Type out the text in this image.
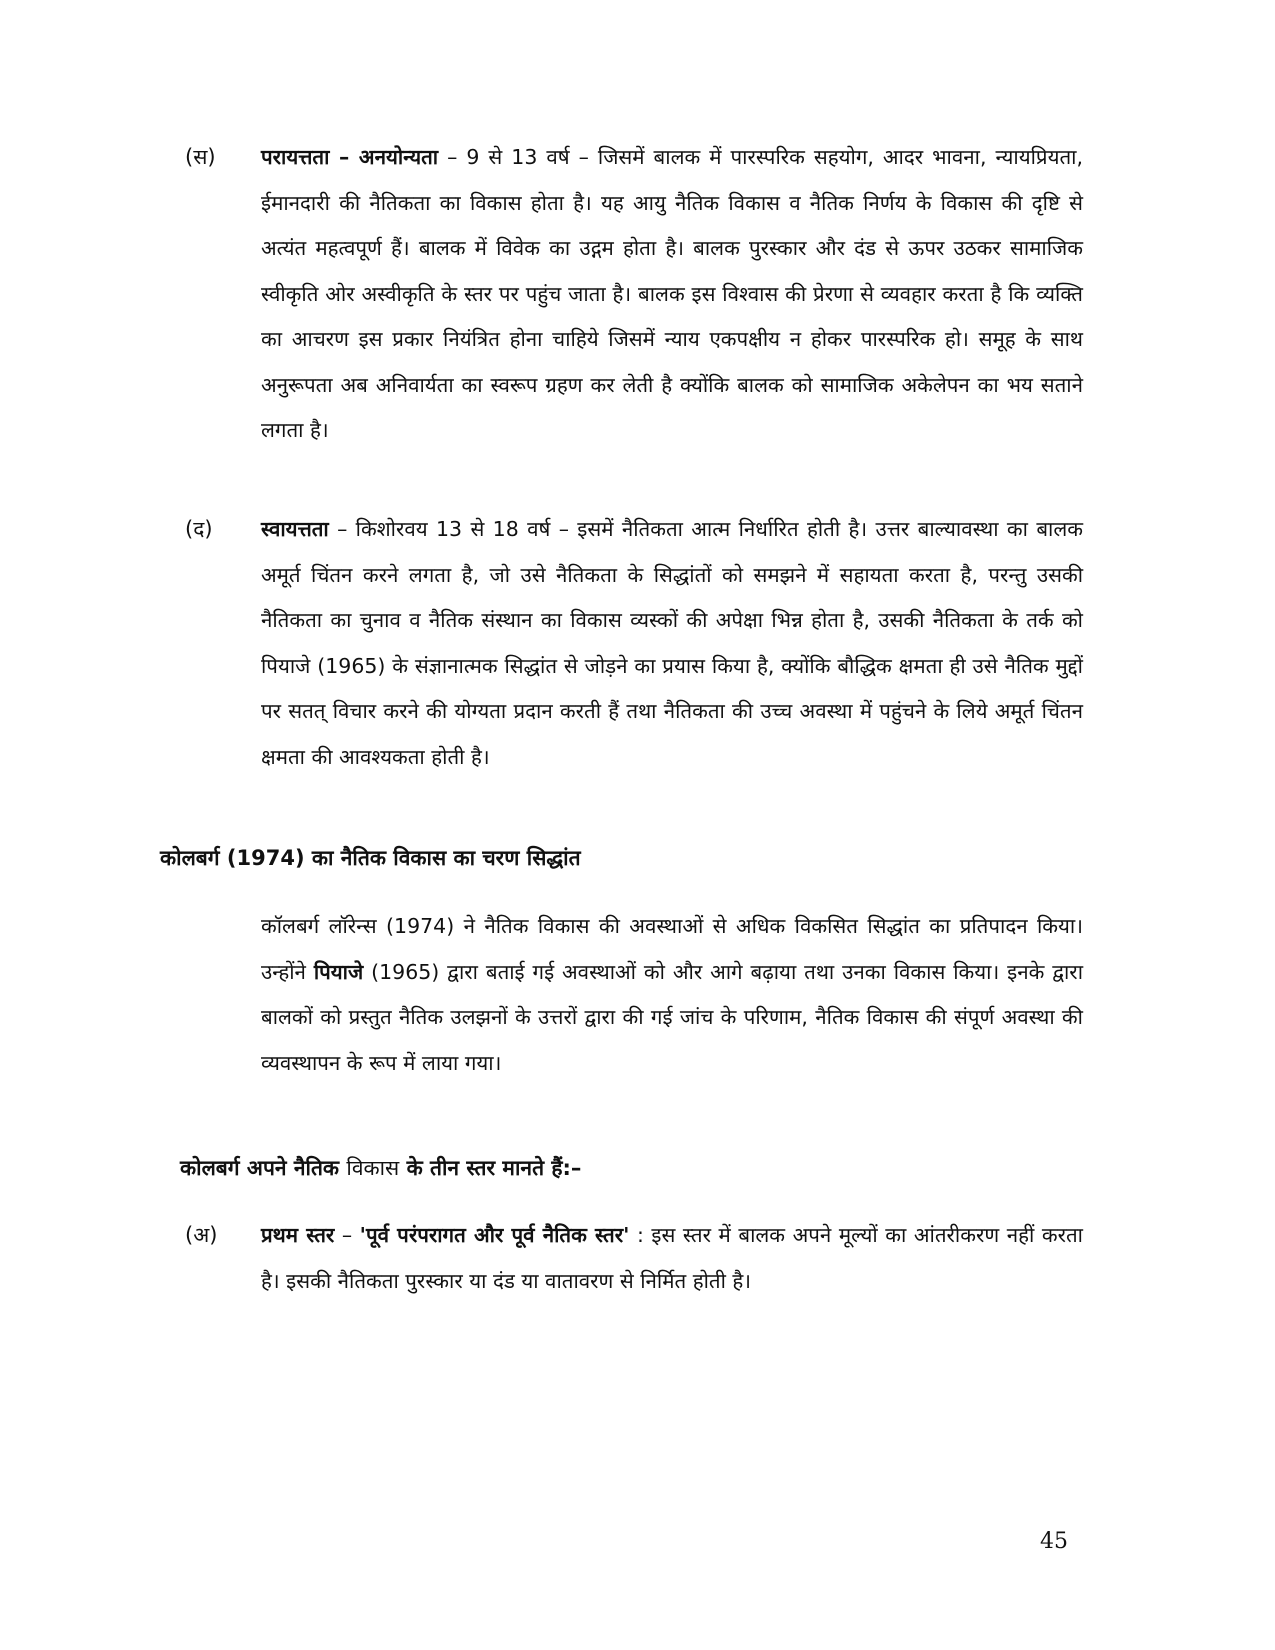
(स) परायत्तता – अनयोन्यता – 9 से 13 वर्ष – जिसमें बालक में पारस्परिक सहयोग, आदर भावना, न्यायप्रियता, ईमानदारी की नैतिकता का विकास होता है। यह आयु नैतिक विकास व नैतिक निर्णय के विकास की दृष्टि से अत्यंत महत्वपूर्ण हैं। बालक में विवेक का उद्गम होता है। बालक पुरस्कार और दंड से ऊपर उठकर सामाजिक स्वीकृति ओर अस्वीकृति के स्तर पर पहुंच जाता है। बालक इस विश्वास की प्रेरणा से व्यवहार करता है कि व्यक्ति का आचरण इस प्रकार नियंत्रित होना चाहिये जिसमें न्याय एकपक्षीय न होकर पारस्परिक हो। समूह के साथ अनुरूपता अब अनिवार्यता का स्वरूप ग्रहण कर लेती है क्योंकि बालक को सामाजिक अकेलेपन का भय सताने लगता है।
(द) स्वायत्तता – किशोरवय 13 से 18 वर्ष – इसमें नैतिकता आत्म निर्धारित होती है। उत्तर बाल्यावस्था का बालक अमूर्त चिंतन करने लगता है, जो उसे नैतिकता के सिद्धांतों को समझने में सहायता करता है, परन्तु उसकी नैतिकता का चुनाव व नैतिक संस्थान का विकास व्यस्कों की अपेक्षा भिन्न होता है, उसकी नैतिकता के तर्क को पियाजे (1965) के संज्ञानात्मक सिद्धांत से जोड़ने का प्रयास किया है, क्योंकि बौद्धिक क्षमता ही उसे नैतिक मुद्दों पर सतत् विचार करने की योग्यता प्रदान करती हैं तथा नैतिकता की उच्च अवस्था में पहुंचने के लिये अमूर्त चिंतन क्षमता की आवश्यकता होती है।
कोलबर्ग (1974) का नैतिक विकास का चरण सिद्धांत
कॉलबर्ग लॉरेन्स (1974) ने नैतिक विकास की अवस्थाओं से अधिक विकसित सिद्धांत का प्रतिपादन किया। उन्होंने पियाजे (1965) द्वारा बताई गई अवस्थाओं को और आगे बढ़ाया तथा उनका विकास किया। इनके द्वारा बालकों को प्रस्तुत नैतिक उलझनों के उत्तरों द्वारा की गई जांच के परिणाम, नैतिक विकास की संपूर्ण अवस्था की व्यवस्थापन के रूप में लाया गया।
कोलबर्ग अपने नैतिक विकास के तीन स्तर मानते हैं:–
(अ) प्रथम स्तर – 'पूर्व परंपरागत और पूर्व नैतिक स्तर' : इस स्तर में बालक अपने मूल्यों का आंतरीकरण नहीं करता है। इसकी नैतिकता पुरस्कार या दंड या वातावरण से निर्मित होती है।
45
